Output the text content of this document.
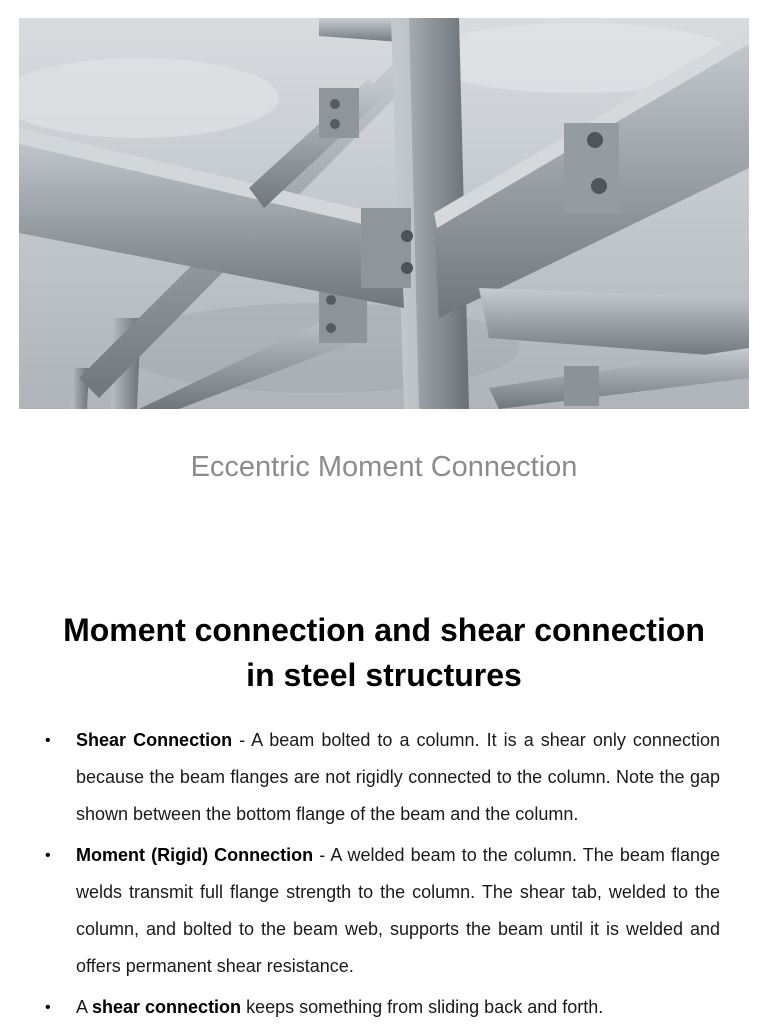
Eccentric Moment Connection
Moment connection and shear connection
in steel structures
• Shear Connection - A beam bolted to a column. It is a shear only connection because the beam flanges are not rigidly connected to the column. Note the gap shown between the bottom flange of the beam and the column.
• Moment (Rigid) Connection - A welded beam to the column. The beam flange welds transmit full flange strength to the column. The shear tab, welded to the column, and bolted to the beam web, supports the beam until it is welded and offers permanent shear resistance.
• A shear connection keeps something from sliding back and forth.
